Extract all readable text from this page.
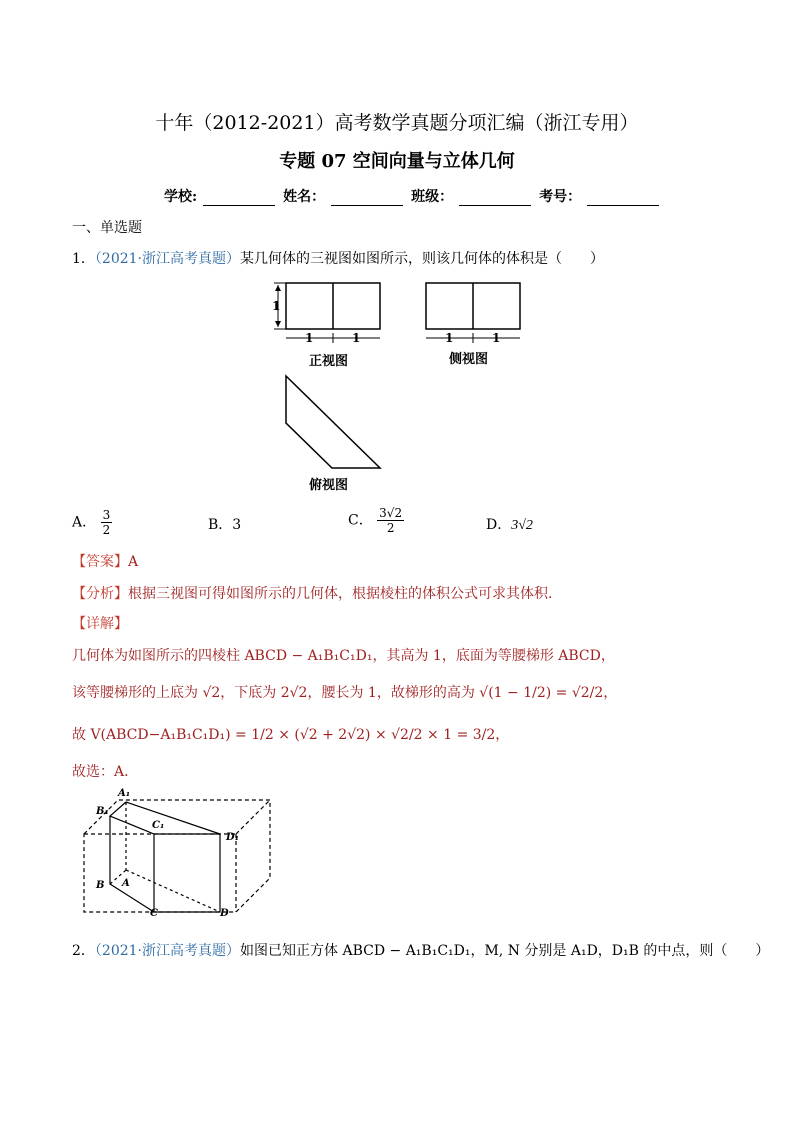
十年（2012-2021）高考数学真题分项汇编（浙江专用）
专题 07 空间向量与立体几何
学校:	姓名：	班级：	考号：
一、单选题
1．（2021·浙江高考真题）某几何体的三视图如图所示，则该几何体的体积是（　　）
1
1	1
正视图
1	1
侧视图
俯视图
A． $\frac{3}{2}$	B．3	C． $\frac{3√2}{2}$	D．3√2
【答案】A
【分析】根据三视图可得如图所示的几何体，根据棱柱的体积公式可求其体积.
【详解】
几何体为如图所示的四棱柱 ABCD − A₁B₁C₁D₁，其高为 1，底面为等腰梯形 ABCD，
该等腰梯形的上底为 √2，下底为 2√2，腰长为 1，故梯形的高为 √(1 − 1/2) = √2/2，
故 V(ABCD−A₁B₁C₁D₁) = 1/2 × (√2 + 2√2) × √2/2 × 1 = 3/2，
故选：A.
A₁
B₁
C₁
D₁
A
B
C	D
2．（2021·浙江高考真题）如图已知正方体 ABCD − A₁B₁C₁D₁，M, N 分别是 A₁D，D₁B 的中点，则（　　）
